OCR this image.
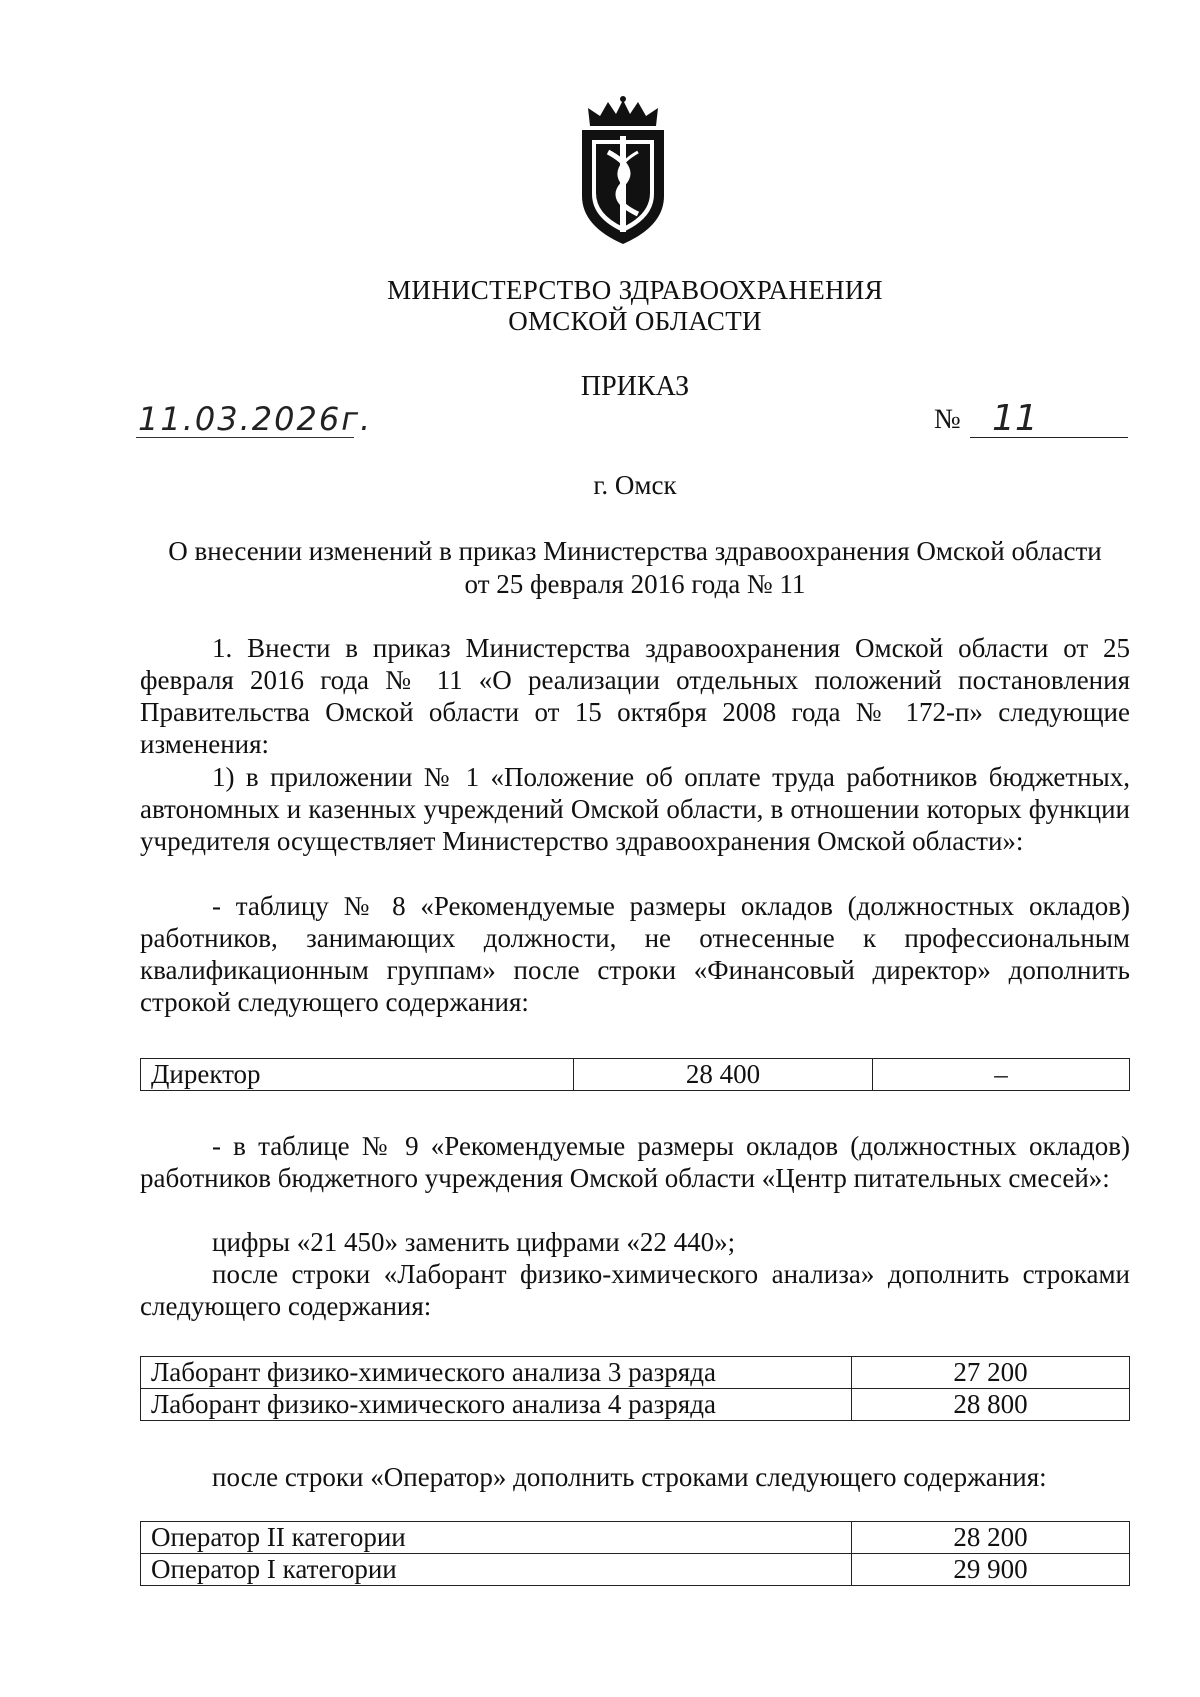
МИНИСТЕРСТВО ЗДРАВООХРАНЕНИЯ
ОМСКОЙ ОБЛАСТИ
ПРИКАЗ
11.03.2026г.	№ 11
г. Омск
О внесении изменений в приказ Министерства здравоохранения Омской области
от 25 февраля 2016 года № 11
1. Внести в приказ Министерства здравоохранения Омской области от 25 февраля 2016 года № 11 «О реализации отдельных положений постановления Правительства Омской области от 15 октября 2008 года № 172-п» следующие изменения:
1) в приложении № 1 «Положение об оплате труда работников бюджетных, автономных и казенных учреждений Омской области, в отношении которых функции учредителя осуществляет Министерство здравоохранения Омской области»:
- таблицу № 8 «Рекомендуемые размеры окладов (должностных окладов) работников, занимающих должности, не отнесенные к профессиональным квалификационным группам» после строки «Финансовый директор» дополнить строкой следующего содержания:
Директор	28 400	–
- в таблице № 9 «Рекомендуемые размеры окладов (должностных окладов) работников бюджетного учреждения Омской области «Центр питательных смесей»:
цифры «21 450» заменить цифрами «22 440»;
после строки «Лаборант физико-химического анализа» дополнить строками следующего содержания:
Лаборант физико-химического анализа 3 разряда	27 200
Лаборант физико-химического анализа 4 разряда	28 800
после строки «Оператор» дополнить строками следующего содержания:
Оператор II категории	28 200
Оператор I категории	29 900
